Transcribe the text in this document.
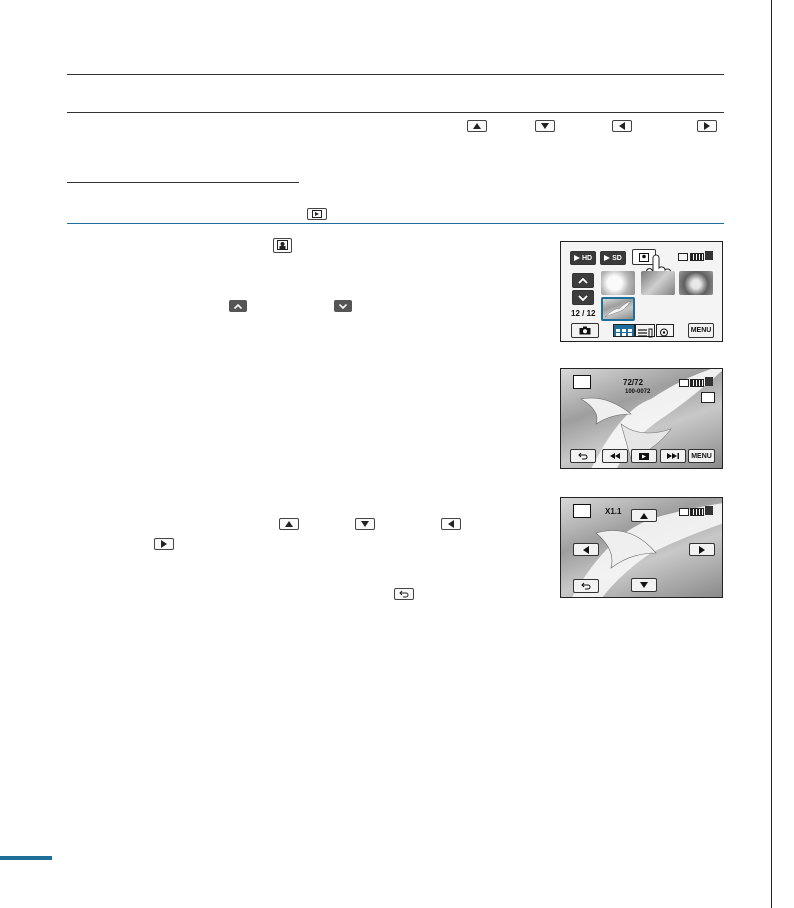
HD	SD
12 / 12
MENU
72/72
100-0072
MENU
X1.1
